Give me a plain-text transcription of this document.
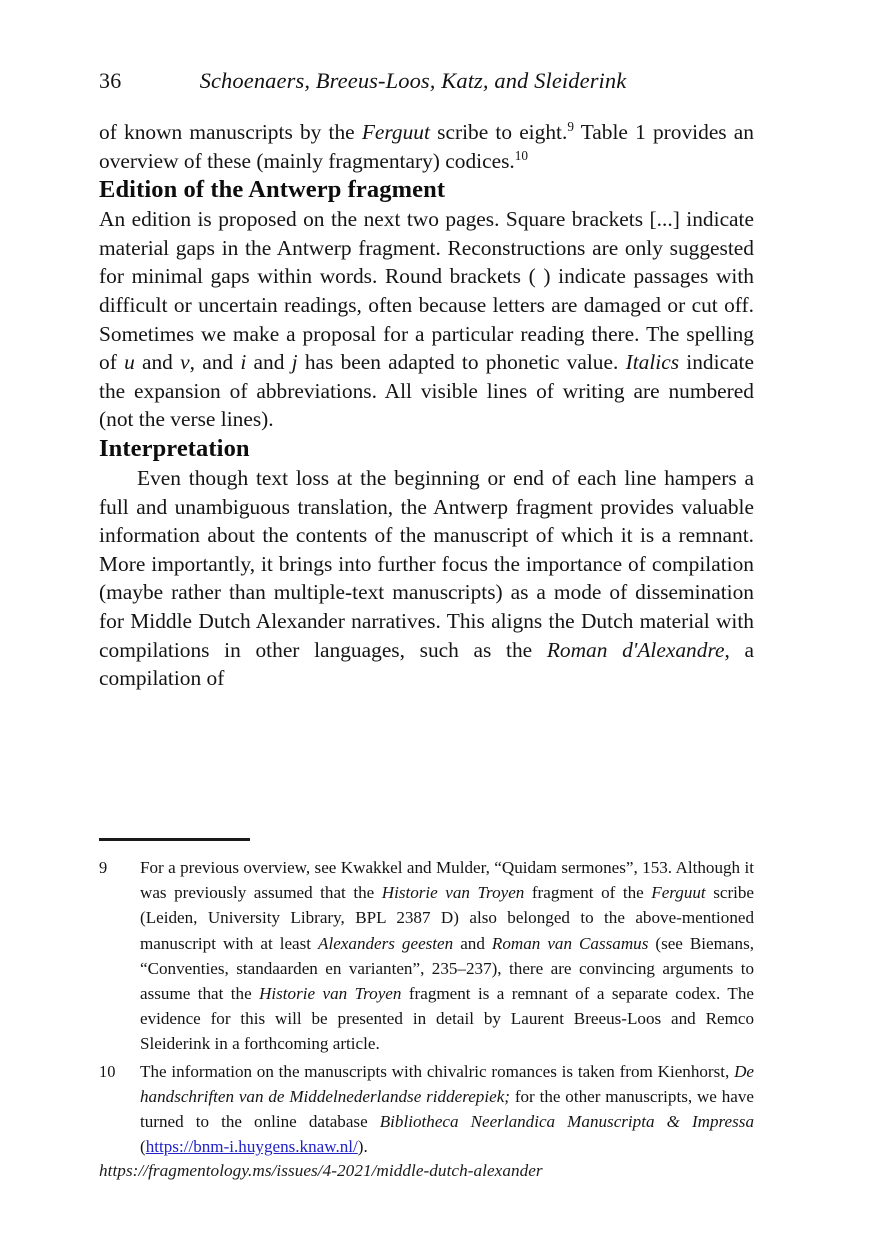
36	Schoenaers, Breeus-Loos, Katz, and Sleiderink

of known manuscripts by the Ferguut scribe to eight.$^9$ Table 1 provides an overview of these (mainly fragmentary) codices.$^{10}$

Edition of the Antwerp fragment

An edition is proposed on the next two pages. Square brackets [...] indicate material gaps in the Antwerp fragment. Reconstructions are only suggested for minimal gaps within words. Round brackets ( ) indicate passages with difficult or uncertain readings, often because letters are damaged or cut off. Sometimes we make a proposal for a particular reading there. The spelling of u and v, and i and j has been adapted to phonetic value. Italics indicate the expansion of abbreviations. All visible lines of writing are numbered (not the verse lines).

Interpretation

Even though text loss at the beginning or end of each line hampers a full and unambiguous translation, the Antwerp fragment provides valuable information about the contents of the manuscript of which it is a remnant. More importantly, it brings into further focus the importance of compilation (maybe rather than multiple-text manuscripts) as a mode of dissemination for Middle Dutch Alexander narratives. This aligns the Dutch material with compilations in other languages, such as the Roman d'Alexandre, a compilation of

9	For a previous overview, see Kwakkel and Mulder, “Quidam sermones”, 153. Although it was previously assumed that the Historie van Troyen fragment of the Ferguut scribe (Leiden, University Library, BPL 2387 D) also belonged to the above-mentioned manuscript with at least Alexanders geesten and Roman van Cassamus (see Biemans, “Conventies, standaarden en varianten”, 235–237), there are convincing arguments to assume that the Historie van Troyen fragment is a remnant of a separate codex. The evidence for this will be presented in detail by Laurent Breeus-Loos and Remco Sleiderink in a forthcoming article.

10	The information on the manuscripts with chivalric romances is taken from Kienhorst, De handschriften van de Middelnederlandse ridderepiek; for the other manuscripts, we have turned to the online database Bibliotheca Neerlandica Manuscripta & Impressa (https://bnm-i.huygens.knaw.nl/).

https://fragmentology.ms/issues/4-2021/middle-dutch-alexander
